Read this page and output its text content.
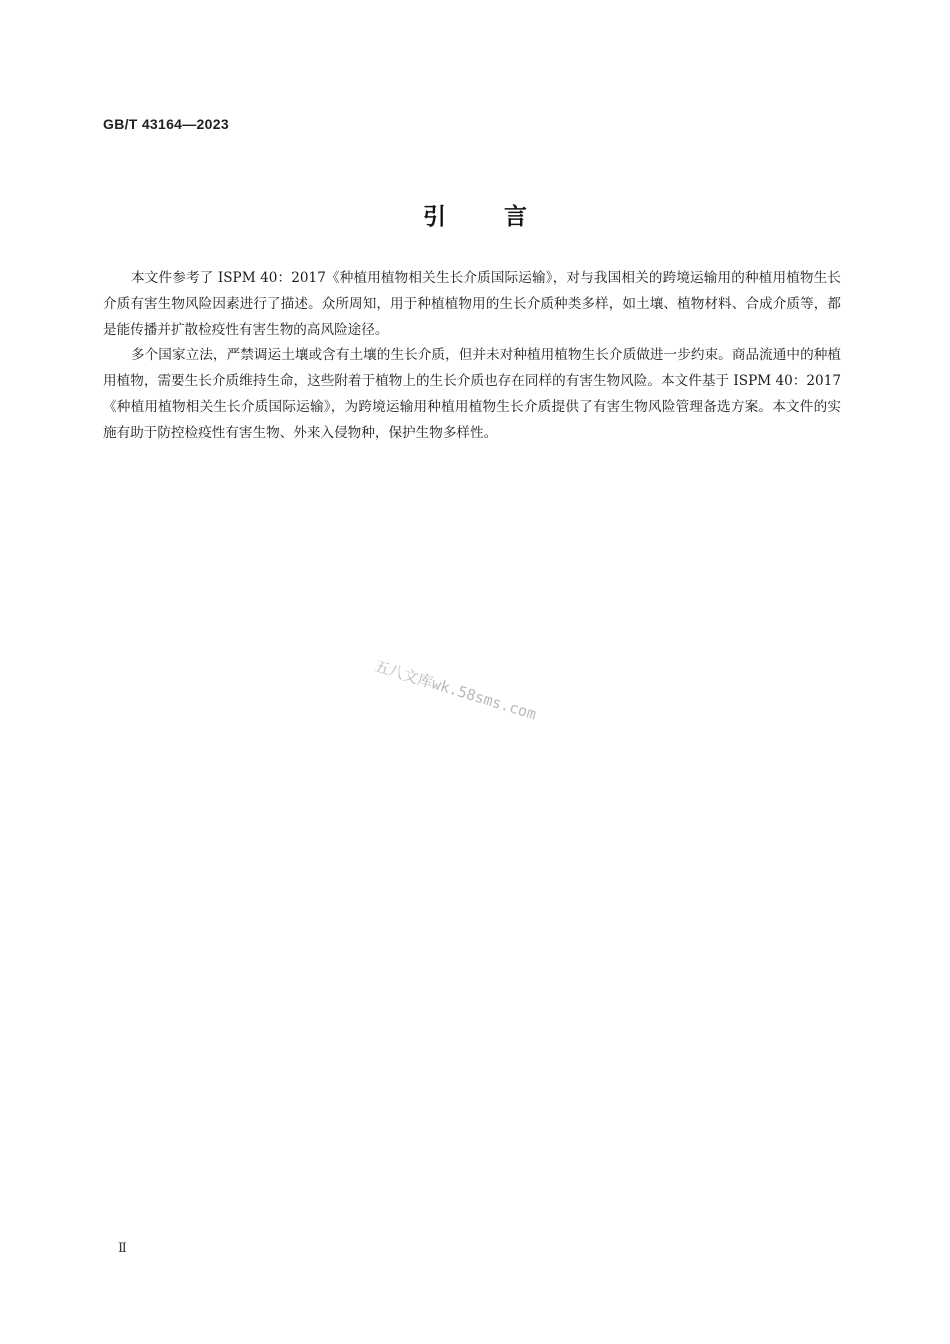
GB/T 43164—2023
引言

本文件参考了 ISPM 40：2017《种植用植物相关生长介质国际运输》，对与我国相关的跨境运输用的种植用植物生长介质有害生物风险因素进行了描述。众所周知，用于种植植物用的生长介质种类多样，如土壤、植物材料、合成介质等，都是能传播并扩散检疫性有害生物的高风险途径。

多个国家立法，严禁调运土壤或含有土壤的生长介质，但并未对种植用植物生长介质做进一步约束。商品流通中的种植用植物，需要生长介质维持生命，这些附着于植物上的生长介质也存在同样的有害生物风险。本文件基于 ISPM 40：2017《种植用植物相关生长介质国际运输》，为跨境运输用种植用植物生长介质提供了有害生物风险管理备选方案。本文件的实施有助于防控检疫性有害生物、外来入侵物种，保护生物多样性。

五八文库wk.58sms.com
Ⅱ
